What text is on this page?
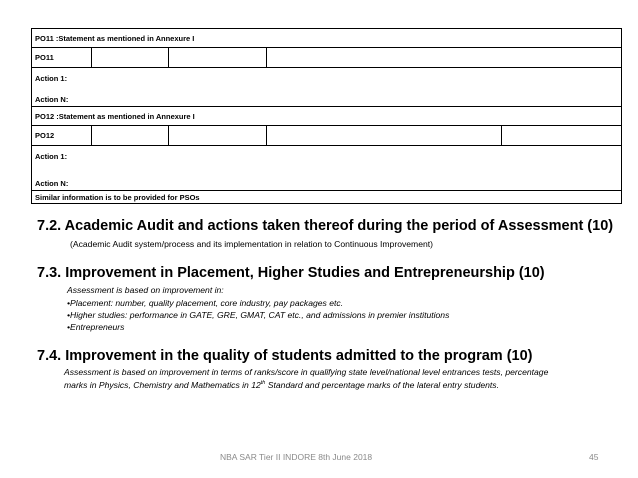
PO11 :Statement as mentioned in Annexure I			
PO11			

Action 1:
Action N:			

PO12 :Statement as mentioned in Annexure I			
PO12			

Action 1:
Action N:			

Similar information is to be provided for PSOs			
7.2. Academic Audit and actions taken thereof during the period of Assessment (10)
(Academic Audit system/process and its implementation in relation to Continuous Improvement)
7.3. Improvement in Placement, Higher Studies and Entrepreneurship (10)
Assessment is based on improvement in:
•Placement: number, quality placement, core industry, pay packages etc.
•Higher studies: performance in GATE, GRE, GMAT, CAT etc., and admissions in premier institutions
•Entrepreneurs
7.4. Improvement in the quality of students admitted to the program (10)
Assessment is based on improvement in terms of ranks/score in qualifying state level/national level entrances tests, percentage
marks in Physics, Chemistry and Mathematics in 12th Standard and percentage marks of the lateral entry students.
NBA SAR Tier II INDORE 8th June 2018	45
